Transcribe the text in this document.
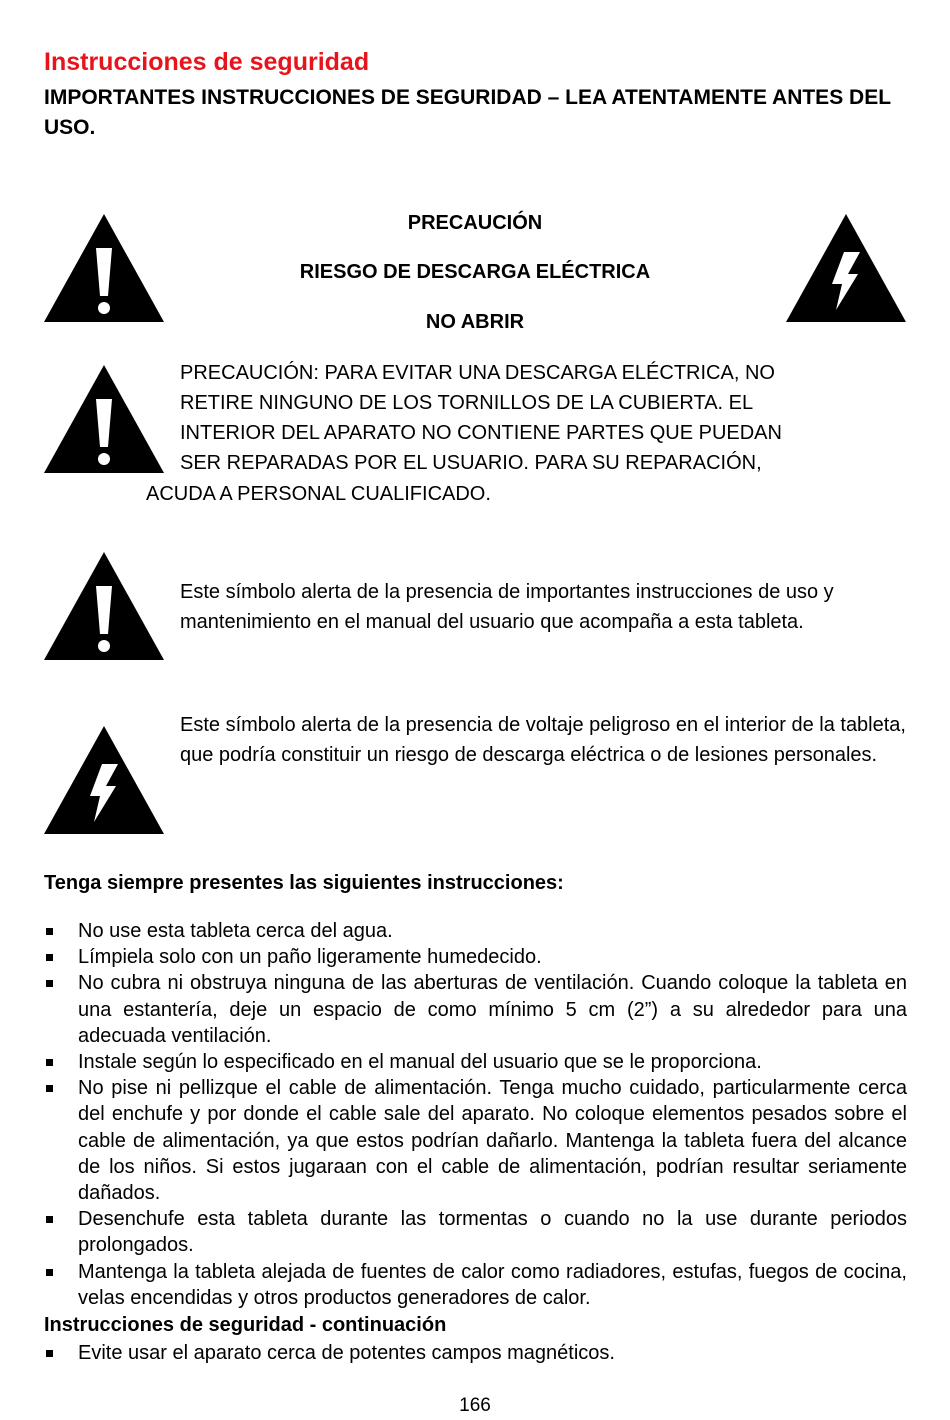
Instrucciones de seguridad
IMPORTANTES INSTRUCCIONES DE SEGURIDAD – LEA ATENTAMENTE ANTES DEL USO.
PRECAUCIÓN
RIESGO DE DESCARGA ELÉCTRICA
NO ABRIR
PRECAUCIÓN: PARA EVITAR UNA DESCARGA ELÉCTRICA, NO
RETIRE NINGUNO DE LOS TORNILLOS DE LA CUBIERTA. EL
INTERIOR DEL APARATO NO CONTIENE PARTES QUE PUEDAN
SER REPARADAS POR EL USUARIO. PARA SU REPARACIÓN,
ACUDA A PERSONAL CUALIFICADO.
Este símbolo alerta de la presencia de importantes instrucciones de uso y mantenimiento en el manual del usuario que acompaña a esta tableta.
Este símbolo alerta de la presencia de voltaje peligroso en el interior de la tableta, que podría constituir un riesgo de descarga eléctrica o de lesiones personales.
Tenga siempre presentes las siguientes instrucciones:
No use esta tableta cerca del agua.
Límpiela solo con un paño ligeramente humedecido.
No cubra ni obstruya ninguna de las aberturas de ventilación. Cuando coloque la tableta en una estantería, deje un espacio de como mínimo 5 cm (2”) a su alrededor para una adecuada ventilación.
Instale según lo especificado en el manual del usuario que se le proporciona.
No pise ni pellizque el cable de alimentación. Tenga mucho cuidado, particularmente cerca del enchufe y por donde el cable sale del aparato. No coloque elementos pesados sobre el cable de alimentación, ya que estos podrían dañarlo. Mantenga la tableta fuera del alcance de los niños. Si estos jugaraan con el cable de alimentación, podrían resultar seriamente dañados.
Desenchufe esta tableta durante las tormentas o cuando no la use durante periodos prolongados.
Mantenga la tableta alejada de fuentes de calor como radiadores, estufas, fuegos de cocina, velas encendidas y otros productos generadores de calor.
Instrucciones de seguridad - continuación
Evite usar el aparato cerca de potentes campos magnéticos.
166
